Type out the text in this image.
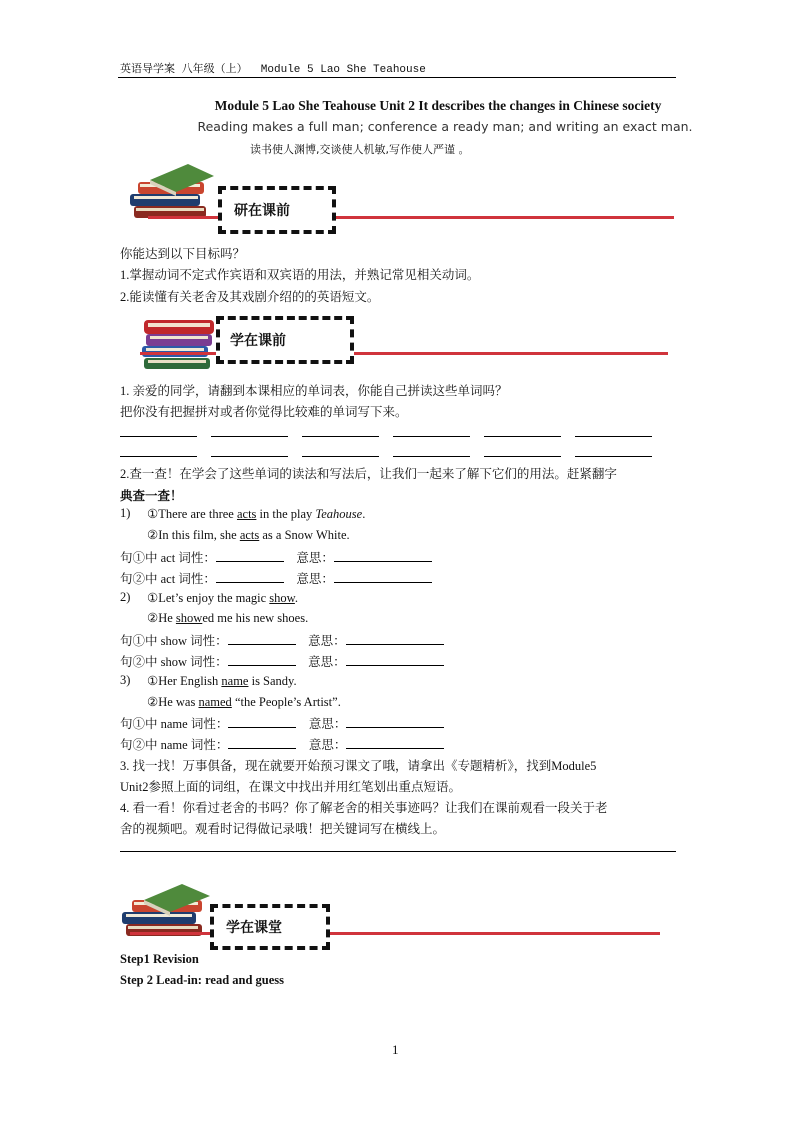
英语导学案 八年级（上）  Module 5 Lao She Teahouse
Module 5 Lao She Teahouse Unit 2 It describes the changes in Chinese society
Reading makes a full man; conference a ready man; and writing an exact man.
读书使人渊博,交谈使人机敏,写作使人严谨 。
研在课前
你能达到以下目标吗？
1.掌握动词不定式作宾语和双宾语的用法，并熟记常见相关动词。
2.能读懂有关老舍及其戏剧介绍的的英语短文。
学在课前
1. 亲爱的同学，请翻到本课相应的单词表，你能自己拼读这些单词吗？
把你没有把握拼对或者你觉得比较难的单词写下来。
2.查一查！在学会了这些单词的读法和写法后，让我们一起来了解下它们的用法。赶紧翻字
典查一查！
1) ①There are three acts in the play Teahouse.
②In this film, she acts as a Snow White.
句①中 act 词性：	意思：
句②中 act 词性：	意思：
2) ①Let’s enjoy the magic show.
②He showed me his new shoes.
句①中 show 词性：	意思：
句②中 show 词性：	意思：
3) ①Her English name is Sandy.
②He was named “the People’s Artist”.
句①中 name 词性：	意思：
句②中 name 词性：	意思：
3. 找一找！万事俱备，现在就要开始预习课文了哦，请拿出《专题精析》，找到Module5
Unit2参照上面的词组，在课文中找出并用红笔划出重点短语。
4. 看一看！你看过老舍的书吗？你了解老舍的相关事迹吗？让我们在课前观看一段关于老
舍的视频吧。观看时记得做记录哦！把关键词写在横线上。
学在课堂
Step1 Revision
Step 2 Lead-in: read and guess
1
